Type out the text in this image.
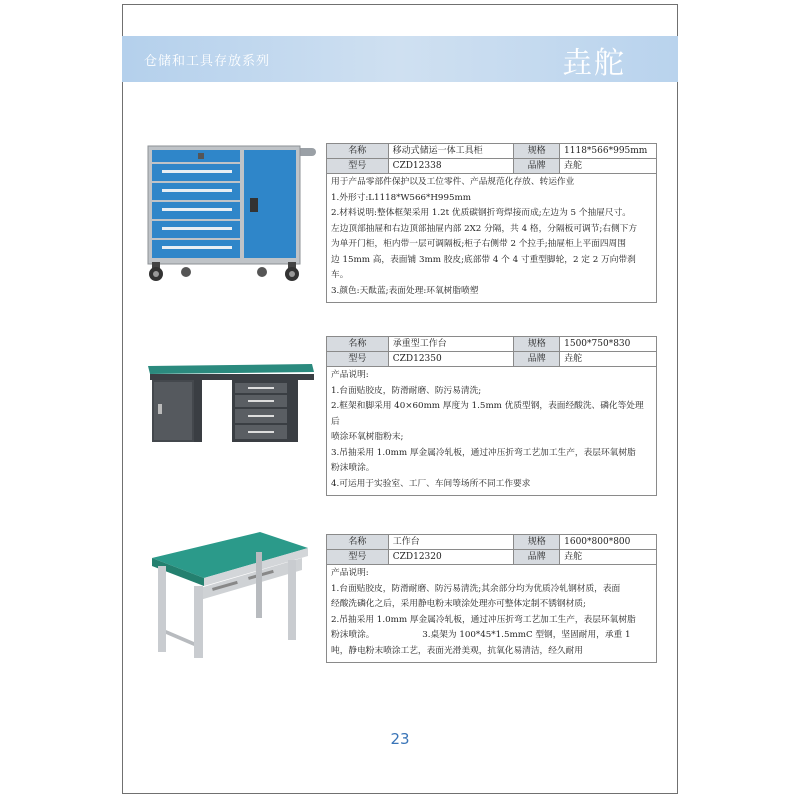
仓储和工具存放系列	垚舵
名称	移动式储运一体工具柜	规格	1118*566*995mm
型号	CZD12338	品牌	垚舵

用于产品零部件保护以及工位零件、产品规范化存放、转运作业

1.外形寸:L1118*W566*H995mm

2.材料说明:整体框架采用 1.2t 优质碳钢折弯焊接而成;左边为 5 个抽屉尺寸。

左边顶部抽屉和右边顶部抽屉内部 2X2 分隔，共 4 格，分隔板可调节;右侧下方

为单开门柜，柜内带一层可调隔板;柜子右侧带 2 个拉手;抽屉柜上平面四周围

边 15mm 高，表面铺 3mm 胶皮;底部带 4 个 4 寸重型脚轮，2 定 2 万向带刹车。

3.颜色:天酞蓝;表面处理:环氧树脂喷塑

名称	承重型工作台	规格	1500*750*830
型号	CZD12350	品牌	垚舵

产品说明:

1.台面贴胶皮，防滑耐磨、防污易清洗;

2.框架和脚采用 40×60mm 厚度为 1.5mm 优质型钢，表面经酸洗、磷化等处理后

喷涂环氧树脂粉末;

3.吊抽采用 1.0mm 厚金属冷轧板，通过冲压折弯工艺加工生产，表层环氧树脂

粉沫喷涂。

4.可运用于实验室、工厂、车间等场所不同工作要求

名称	工作台	规格	1600*800*800
型号	CZD12320	品牌	垚舵

产品说明:

1.台面贴胶皮，防滑耐磨、防污易清洗;其余部分均为优质冷轧钢材质，表面

经酸洗磷化之后，采用静电粉末喷涂处理亦可整体定制不锈钢材质;

2.吊抽采用 1.0mm 厚金属冷轧板，通过冲压折弯工艺加工生产，表层环氧树脂

粉沫喷涂。　　　　　　3.桌架为 100*45*1.5mmC 型钢，坚固耐用，承重 1

吨，静电粉末喷涂工艺，表面光滑美观，抗氧化易清洁，经久耐用

23
